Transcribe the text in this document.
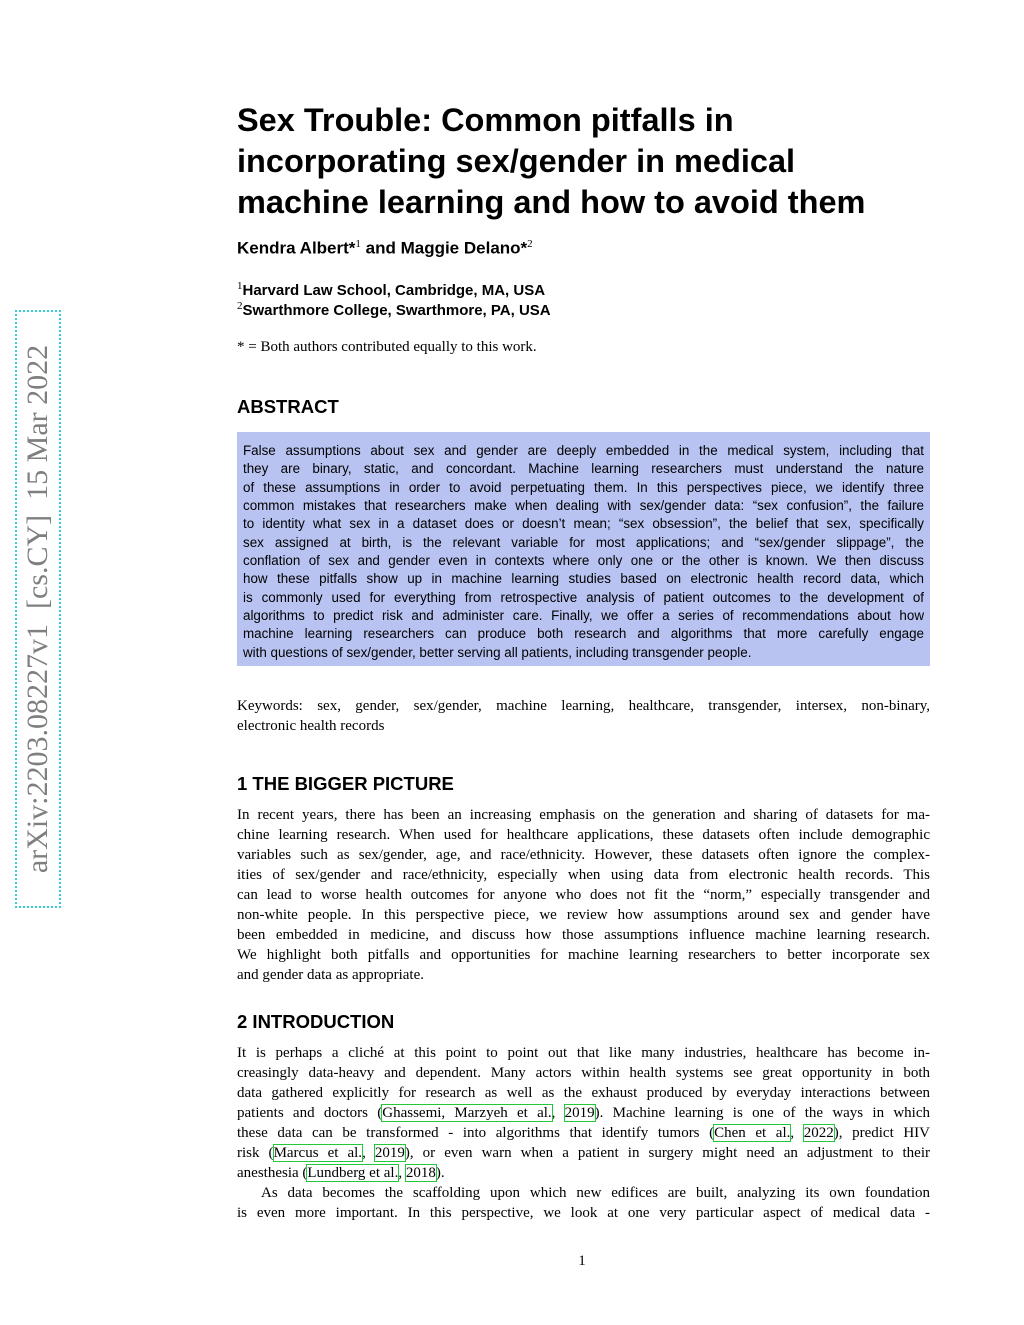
arXiv:2203.08227v1  [cs.CY]  15 Mar 2022
Sex Trouble: Common pitfalls in
incorporating sex/gender in medical
machine learning and how to avoid them
Kendra Albert*$^1$ and Maggie Delano*$^2$
$^1$Harvard Law School, Cambridge, MA, USA
$^2$Swarthmore College, Swarthmore, PA, USA
* = Both authors contributed equally to this work.
ABSTRACT
False assumptions about sex and gender are deeply embedded in the medical system, including that
they are binary, static, and concordant. Machine learning researchers must understand the nature
of these assumptions in order to avoid perpetuating them. In this perspectives piece, we identify three
common mistakes that researchers make when dealing with sex/gender data: “sex confusion”, the failure
to identity what sex in a dataset does or doesn’t mean; “sex obsession”, the belief that sex, specifically
sex assigned at birth, is the relevant variable for most applications; and “sex/gender slippage”, the
conflation of sex and gender even in contexts where only one or the other is known. We then discuss
how these pitfalls show up in machine learning studies based on electronic health record data, which
is commonly used for everything from retrospective analysis of patient outcomes to the development of
algorithms to predict risk and administer care. Finally, we offer a series of recommendations about how
machine learning researchers can produce both research and algorithms that more carefully engage
with questions of sex/gender, better serving all patients, including transgender people.
Keywords: sex, gender, sex/gender, machine learning, healthcare, transgender, intersex, non-binary,
electronic health records
1 THE BIGGER PICTURE
In recent years, there has been an increasing emphasis on the generation and sharing of datasets for ma-
chine learning research. When used for healthcare applications, these datasets often include demographic
variables such as sex/gender, age, and race/ethnicity. However, these datasets often ignore the complex-
ities of sex/gender and race/ethnicity, especially when using data from electronic health records. This
can lead to worse health outcomes for anyone who does not fit the “norm,” especially transgender and
non-white people. In this perspective piece, we review how assumptions around sex and gender have
been embedded in medicine, and discuss how those assumptions influence machine learning research.
We highlight both pitfalls and opportunities for machine learning researchers to better incorporate sex
and gender data as appropriate.
2 INTRODUCTION
It is perhaps a cliché at this point to point out that like many industries, healthcare has become in-
creasingly data-heavy and dependent. Many actors within health systems see great opportunity in both
data gathered explicitly for research as well as the exhaust produced by everyday interactions between
patients and doctors (Ghassemi, Marzyeh et al., 2019). Machine learning is one of the ways in which
these data can be transformed - into algorithms that identify tumors (Chen et al., 2022), predict HIV
risk (Marcus et al., 2019), or even warn when a patient in surgery might need an adjustment to their
anesthesia (Lundberg et al., 2018).
As data becomes the scaffolding upon which new edifices are built, analyzing its own foundation
is even more important. In this perspective, we look at one very particular aspect of medical data -
1
